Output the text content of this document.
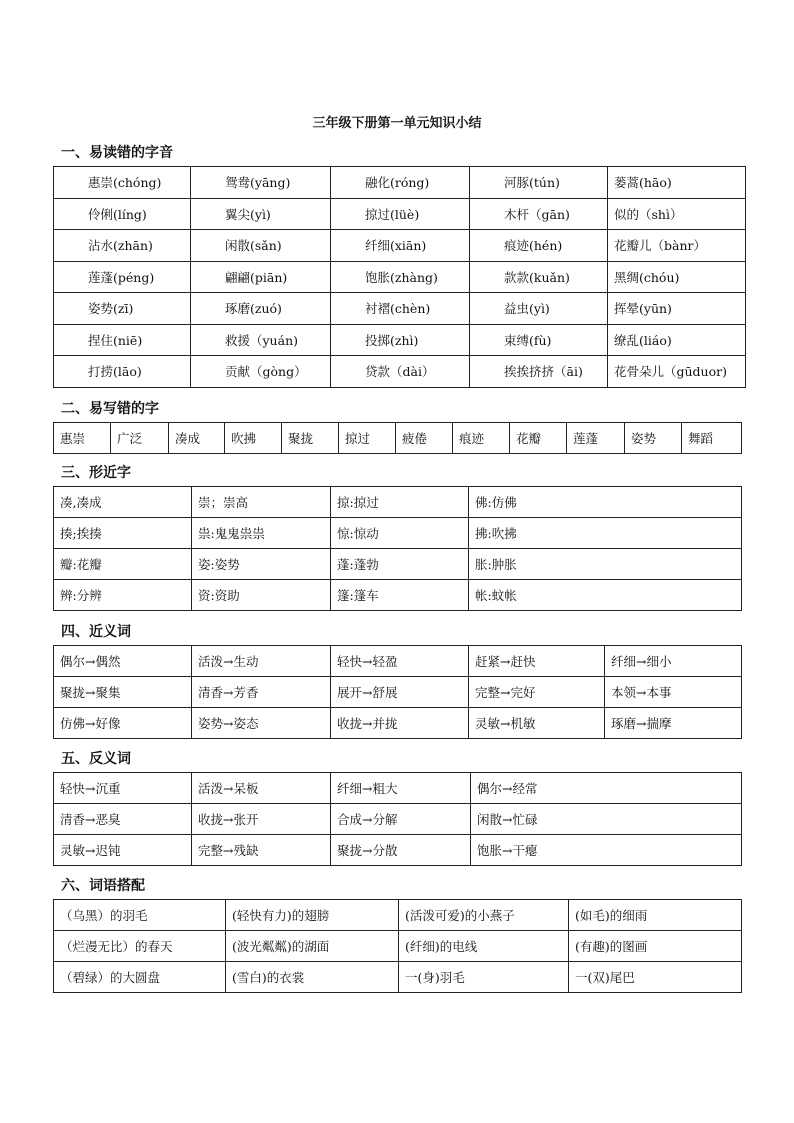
三年级下册第一单元知识小结
一、易读错的字音
惠崇(chóng)	鸳鸯(yāng)	融化(róng)	河豚(tún)	蒌蒿(hāo)
伶俐(líng)	翼尖(yì)	掠过(lüè)	木杆（gān)	似的（shì）
沾水(zhān)	闲散(sǎn)	纤细(xiān)	痕迹(hén)	花瓣儿（bànr）
莲蓬(péng)	翩翩(piān)	饱胀(zhàng)	款款(kuǎn)	黑绸(chóu)
姿势(zī)	琢磨(zuó)	衬褶(chèn)	益虫(yì)	挥晕(yūn)
捏住(niē)	救援（yuán)	投掷(zhì)	束缚(fù)	缭乱(liáo)
打捞(lāo)	贡献（gòng）	贷款（dài）	挨挨挤挤（āi)	花骨朵儿（gūduor)
二、易写错的字
惠崇	广泛	凑成	吹拂	聚拢	掠过	疲倦	痕迹	花瓣	莲蓬	姿势	舞蹈
三、形近字
凑,凑成	崇；崇高	掠:掠过	佛:仿佛
揍;挨揍	祟:鬼鬼祟祟	惊:惊动	拂:吹拂
瓣:花瓣	姿:姿势	蓬:蓬勃	胀:肿胀
辨:分辨	资:资助	篷:篷车	帐:蚊帐
四、近义词
偶尔→偶然	活泼→生动	轻快→轻盈	赶紧→赶快	纤细→细小
聚拢→聚集	清香→芳香	展开→舒展	完整→完好	本领→本事
仿佛→好像	姿势→姿态	收拢→并拢	灵敏→机敏	琢磨→揣摩
五、反义词
轻快→沉重	活泼→呆板	纤细→粗大	偶尔→经常
清香→恶臭	收拢→张开	合成→分解	闲散→忙碌
灵敏→迟钝	完整→残缺	聚拢→分散	饱胀→干瘪
六、词语搭配
（乌黑）的羽毛	(轻快有力)的翅膀	(活泼可爱)的小燕子	(如毛)的细雨
（烂漫无比）的春天	(波光粼粼)的湖面	(纤细)的电线	(有趣)的图画
（碧绿）的大圆盘	(雪白)的衣裳	一(身)羽毛	一(双)尾巴
